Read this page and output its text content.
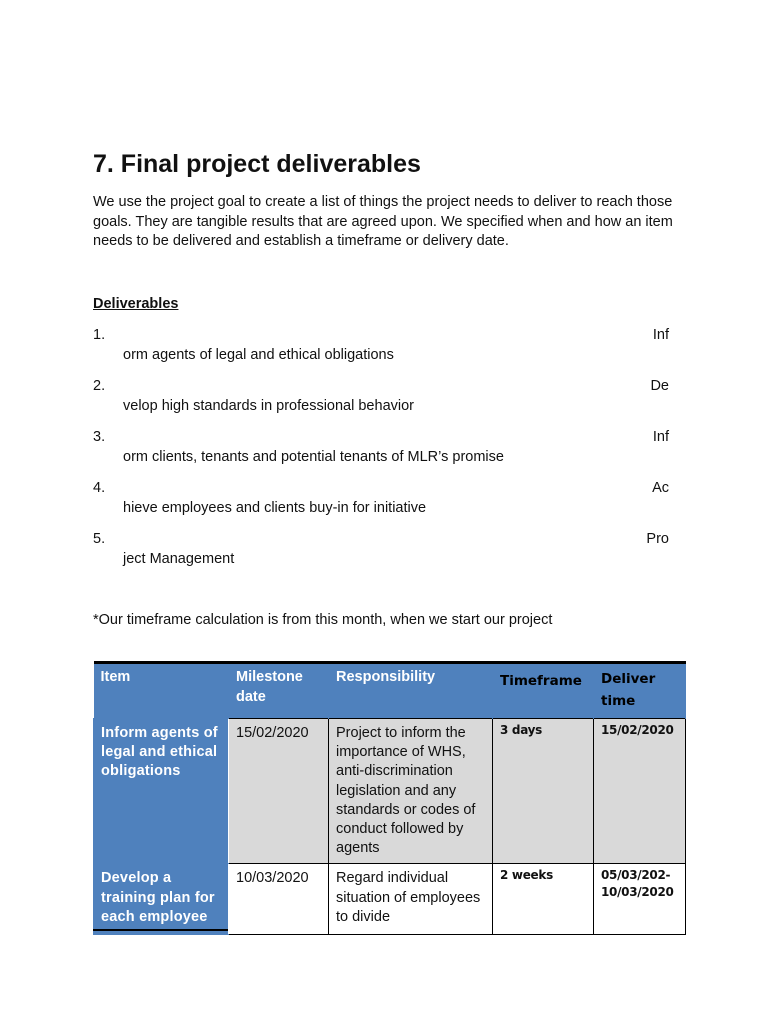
7. Final project deliverables

We use the project goal to create a list of things the project needs to deliver to reach those goals. They are tangible results that are agreed upon. We specified when and how an item needs to be delivered and establish a timeframe or delivery date.

Deliverables

1.	Inf
orm agents of legal and ethical obligations
2.	De
velop high standards in professional behavior
3.	Inf
orm clients, tenants and potential tenants of MLR’s promise
4.	Ac
hieve employees and clients buy-in for initiative
5.	Pro
ject Management

*Our timeframe calculation is from this month, when we start our project

Item	Milestone date	Responsibility	Timeframe	Deliver time
Inform agents of legal and ethical obligations	15/02/2020	Project to inform the importance of WHS, anti-discrimination legislation and any standards or codes of conduct followed by agents	3 days	15/02/2020
Develop a training plan for each employee	10/03/2020	Regard individual situation of employees to divide	2 weeks	05/03/202-10/03/2020
